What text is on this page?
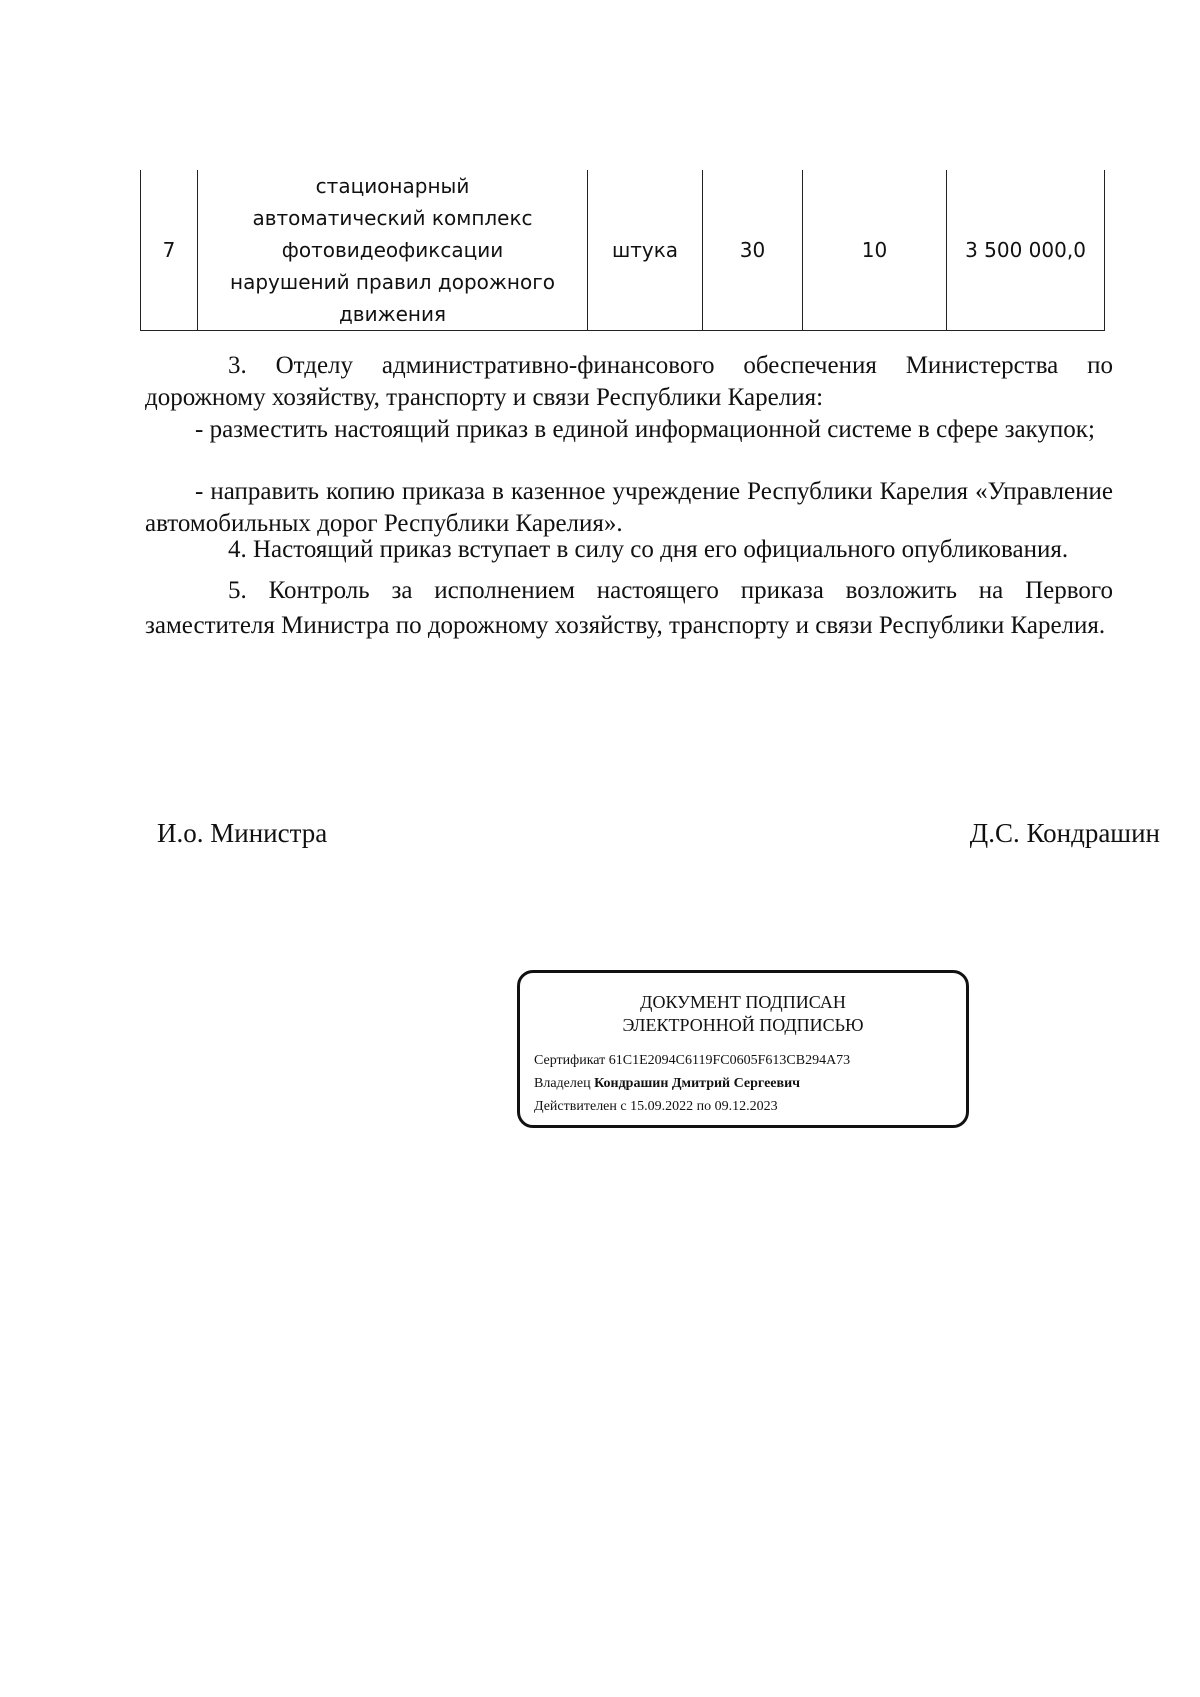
7	стационарный автоматический комплекс фотовидеофиксации нарушений правил дорожного движения	штука	30	10	3 500 000,0

3. Отделу административно-финансового обеспечения Министерства по дорожному хозяйству, транспорту и связи Республики Карелия:

- разместить настоящий приказ в единой информационной системе в сфере закупок;

- направить копию приказа в казенное учреждение Республики Карелия «Управление автомобильных дорог Республики Карелия».

4. Настоящий приказ вступает в силу со дня его официального опубликования.

5. Контроль за исполнением настоящего приказа возложить на Первого заместителя Министра по дорожному хозяйству, транспорту и связи Республики Карелия.

И.о. Министра	Д.С. Кондрашин
ДОКУМЕНТ ПОДПИСАН
ЭЛЕКТРОННОЙ ПОДПИСЬЮ
Сертификат 61C1E2094C6119FC0605F613CB294A73
Владелец Кондрашин Дмитрий Сергеевич
Действителен с 15.09.2022 по 09.12.2023
